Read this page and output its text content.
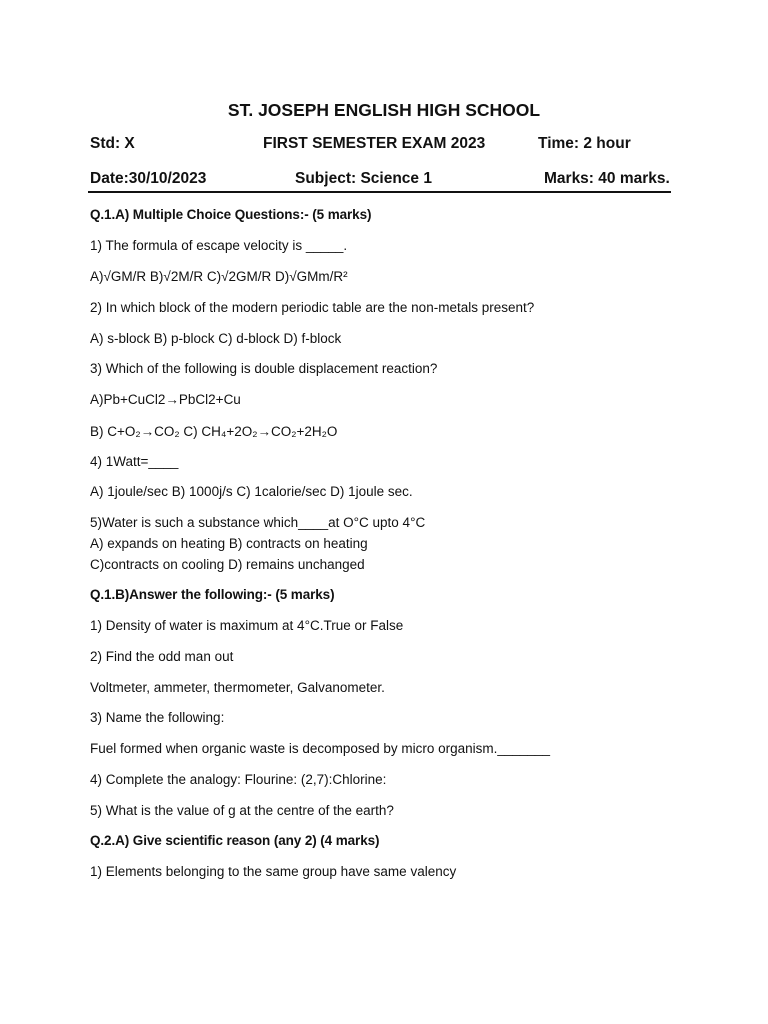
ST. JOSEPH ENGLISH HIGH SCHOOL
Std: X	FIRST SEMESTER EXAM 2023	Time: 2 hour
Date:30/10/2023	Subject: Science 1	Marks: 40 marks.
Q.1.A) Multiple Choice Questions:- (5 marks)
1) The formula of escape velocity is _____.
A)√GM/R B)√2M/R C)√2GM/R D)√GMm/R²
2) In which block of the modern periodic table are the non-metals present?
A) s-block B) p-block C) d-block D) f-block
3) Which of the following is double displacement reaction?
A)Pb+CuCl2→PbCl2+Cu
B) C+O₂→CO₂ C) CH₄+2O₂→CO₂+2H₂O
4) 1Watt=____
A) 1joule/sec B) 1000j/s C) 1calorie/sec D) 1joule sec.
5)Water is such a substance which____at O°C upto 4°C
A) expands on heating B) contracts on heating
C)contracts on cooling D) remains unchanged
Q.1.B)Answer the following:- (5 marks)
1) Density of water is maximum at 4°C.True or False
2) Find the odd man out
Voltmeter, ammeter, thermometer, Galvanometer.
3) Name the following:
Fuel formed when organic waste is decomposed by micro organism._______
4) Complete the analogy: Flourine: (2,7):Chlorine:
5) What is the value of g at the centre of the earth?
Q.2.A) Give scientific reason (any 2) (4 marks)
1) Elements belonging to the same group have same valency
